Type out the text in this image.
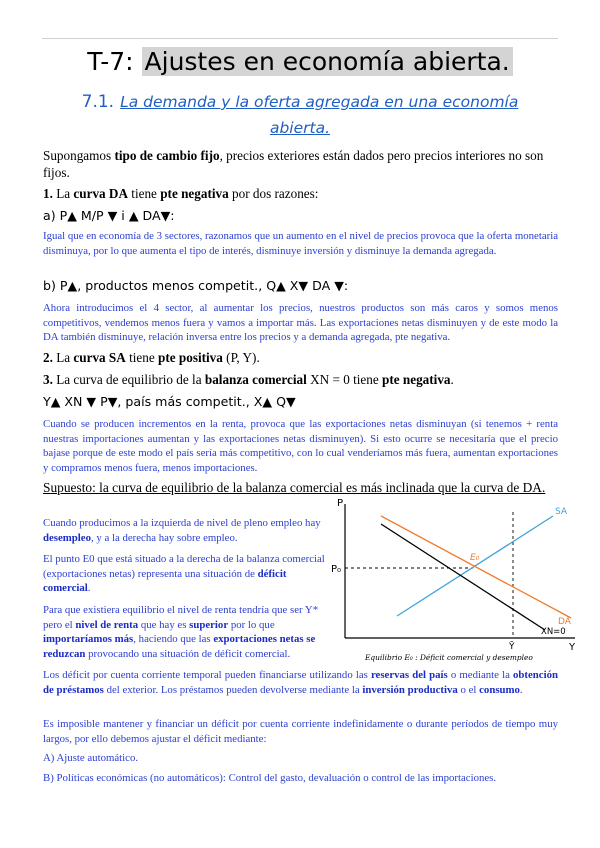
T-7: Ajustes en economía abierta.
7.1. La demanda y la oferta agregada en una economía abierta.
Supongamos tipo de cambio fijo, precios exteriores están dados pero precios interiores no son fijos.
1. La curva DA tiene pte negativa por dos razones:
a) P▲ M/P ▼ i ▲ DA▼:
Igual que en economía de 3 sectores, razonamos que un aumento en el nivel de precios provoca que la oferta monetaria disminuya, por lo que aumenta el tipo de interés, disminuye inversión y disminuye la demanda agregada.
b) P▲, productos menos competit., Q▲ X▼ DA ▼:
Ahora introducimos el 4 sector, al aumentar los precios, nuestros productos son más caros y somos menos competitivos, vendemos menos fuera y vamos a importar más. Las exportaciones netas disminuyen y de este modo la DA también disminuye, relación inversa entre los precios y a demanda agregada, pte negativa.
2. La curva SA tiene pte positiva (P, Y).
3. La curva de equilibrio de la balanza comercial XN = 0 tiene pte negativa.
Y▲ XN ▼ P▼, país más competit., X▲ Q▼
Cuando se producen incrementos en la renta, provoca que las exportaciones netas disminuyan (si tenemos + renta nuestras importaciones aumentan y las exportaciones netas disminuyen). Si esto ocurre se necesitaría que el precio bajase porque de este modo el país sería más competitivo, con lo cual venderíamos más fuera, aumentan exportaciones y compramos menos fuera, menos importaciones.
Supuesto: la curva de equilibrio de la balanza comercial es más inclinada que la curva de DA.
Cuando producimos a la izquierda de nivel de pleno empleo hay desempleo, y a la derecha hay sobre empleo.
El punto E0 que está situado a la derecha de la balanza comercial (exportaciones netas) representa una situación de déficit comercial.
Para que existiera equilibrio el nivel de renta tendría que ser Y* pero el nivel de renta que hay es superior por lo que importaríamos más, haciendo que las exportaciones netas se reduzcan provocando una situación de déficit comercial.
P
Y
P₀
SA
DA
XN=0
E₀
Ȳ
Equilibrio E₀ : Déficit comercial y desempleo
Los déficit por cuenta corriente temporal pueden financiarse utilizando las reservas del país o mediante la obtención de préstamos del exterior. Los préstamos pueden devolverse mediante la inversión productiva o el consumo.
Es imposible mantener y financiar un déficit por cuenta corriente indefinidamente o durante períodos de tiempo muy largos, por ello debemos ajustar el déficit mediante:
A) Ajuste automático.
B) Políticas económicas (no automáticos): Control del gasto, devaluación o control de las importaciones.
